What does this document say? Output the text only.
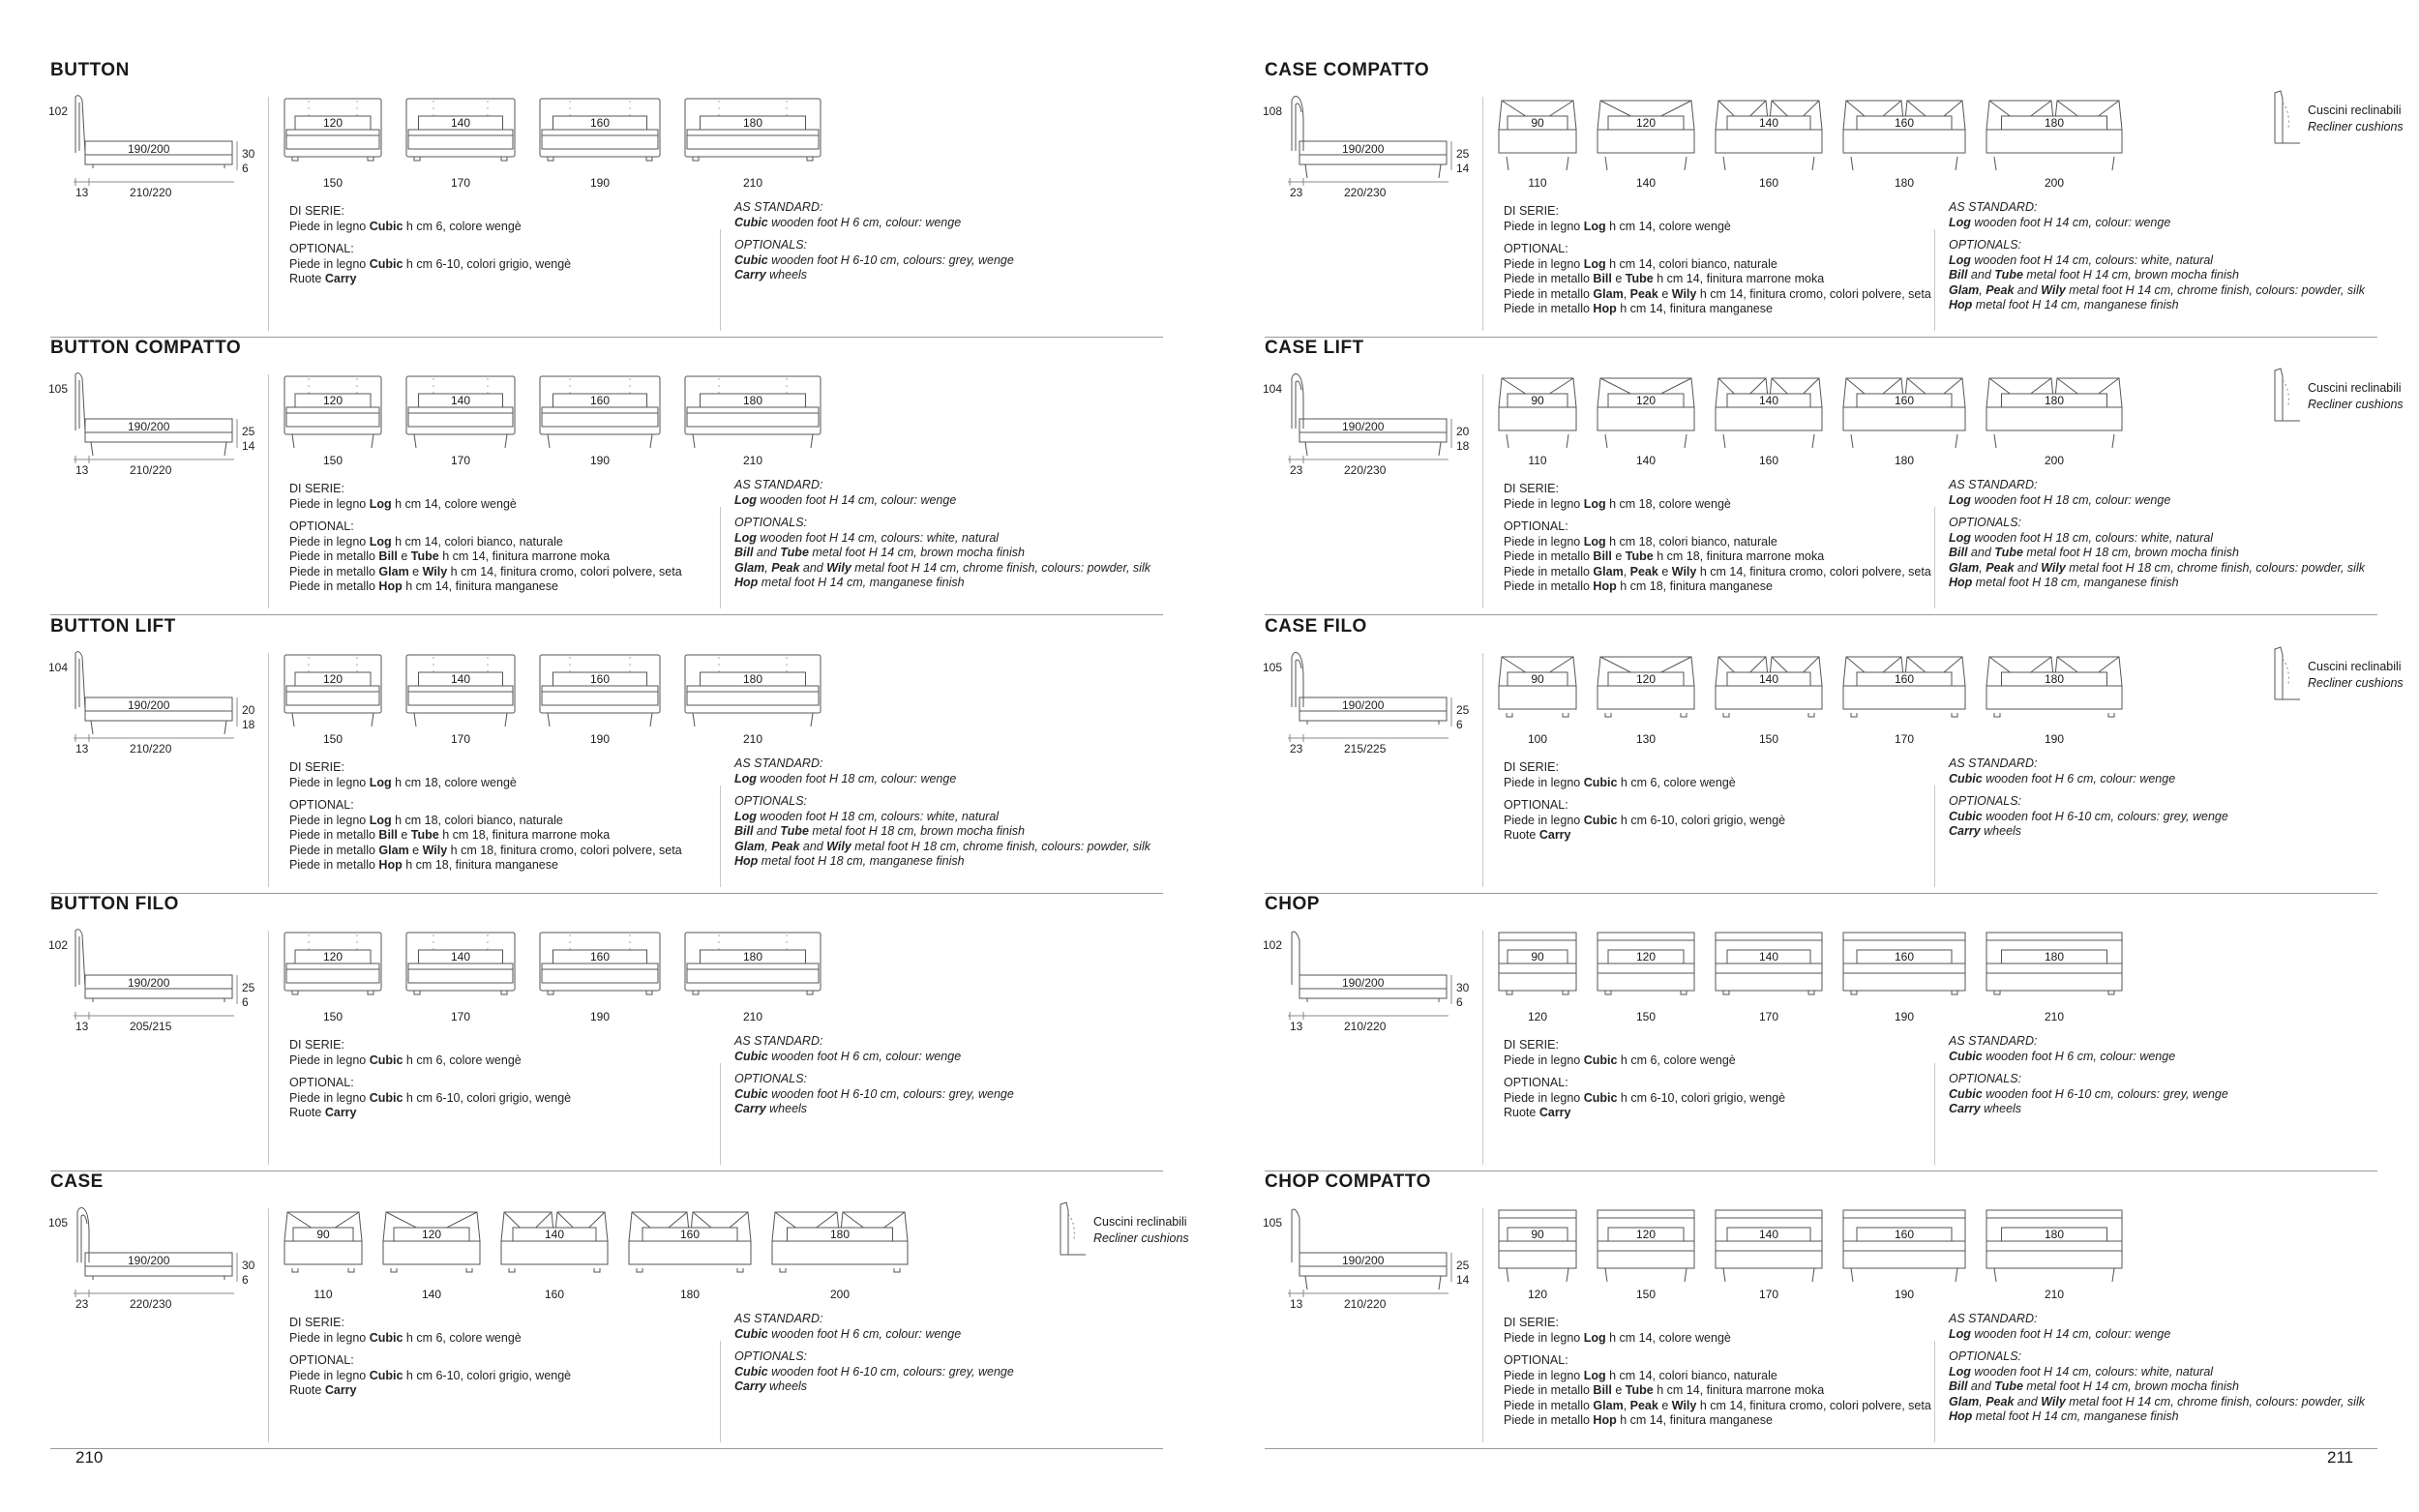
BUTTON
102
190/200	30
6
13	210/220
120
150
140
170
160
190
180
210
DI SERIE:
Piede in legno Cubic h cm 6, colore wengè
OPTIONAL:
Piede in legno Cubic h cm 6-10, colori grigio, wengè
Ruote Carry
AS STANDARD:
Cubic wooden foot H 6 cm, colour: wenge
OPTIONALS:
Cubic wooden foot H 6-10 cm, colours: grey, wenge
Carry wheels
BUTTON COMPATTO
105
190/200	25
14
13	210/220
120
150
140
170
160
190
180
210
DI SERIE:
Piede in legno Log h cm 14, colore wengè
OPTIONAL:
Piede in legno Log h cm 14, colori bianco, naturale
Piede in metallo Bill e Tube h cm 14, finitura marrone moka
Piede in metallo Glam e Wily h cm 14, finitura cromo, colori polvere, seta
Piede in metallo Hop h cm 14, finitura manganese
AS STANDARD:
Log wooden foot H 14 cm, colour: wenge
OPTIONALS:
Log wooden foot H 14 cm, colours: white, natural
Bill and Tube metal foot H 14 cm, brown mocha finish
Glam, Peak and Wily metal foot H 14 cm, chrome finish, colours: powder, silk
Hop metal foot H 14 cm, manganese finish
BUTTON LIFT
104
190/200	20
18
13	210/220
120
150
140
170
160
190
180
210
DI SERIE:
Piede in legno Log h cm 18, colore wengè
OPTIONAL:
Piede in legno Log h cm 18, colori bianco, naturale
Piede in metallo Bill e Tube h cm 18, finitura marrone moka
Piede in metallo Glam e Wily h cm 18, finitura cromo, colori polvere, seta
Piede in metallo Hop h cm 18, finitura manganese
AS STANDARD:
Log wooden foot H 18 cm, colour: wenge
OPTIONALS:
Log wooden foot H 18 cm, colours: white, natural
Bill and Tube metal foot H 18 cm, brown mocha finish
Glam, Peak and Wily metal foot H 18 cm, chrome finish, colours: powder, silk
Hop metal foot H 18 cm, manganese finish
BUTTON FILO
102
190/200	25
6
13	205/215
120
150
140
170
160
190
180
210
DI SERIE:
Piede in legno Cubic h cm 6, colore wengè
OPTIONAL:
Piede in legno Cubic h cm 6-10, colori grigio, wengè
Ruote Carry
AS STANDARD:
Cubic wooden foot H 6 cm, colour: wenge
OPTIONALS:
Cubic wooden foot H 6-10 cm, colours: grey, wenge
Carry wheels
CASE
105
190/200	30
6
23	220/230
90
110
120
140
140
160
160
180
180
200
Cuscini reclinabili
Recliner cushions
DI SERIE:
Piede in legno Cubic h cm 6, colore wengè
OPTIONAL:
Piede in legno Cubic h cm 6-10, colori grigio, wengè
Ruote Carry
AS STANDARD:
Cubic wooden foot H 6 cm, colour: wenge
OPTIONALS:
Cubic wooden foot H 6-10 cm, colours: grey, wenge
Carry wheels
CASE COMPATTO
108
190/200	25
14
23	220/230
90
110
120
140
140
160
160
180
180
200
Cuscini reclinabili
Recliner cushions
DI SERIE:
Piede in legno Log h cm 14, colore wengè
OPTIONAL:
Piede in legno Log h cm 14, colori bianco, naturale
Piede in metallo Bill e Tube h cm 14, finitura marrone moka
Piede in metallo Glam, Peak e Wily h cm 14, finitura cromo, colori polvere, seta
Piede in metallo Hop h cm 14, finitura manganese
AS STANDARD:
Log wooden foot H 14 cm, colour: wenge
OPTIONALS:
Log wooden foot H 14 cm, colours: white, natural
Bill and Tube metal foot H 14 cm, brown mocha finish
Glam, Peak and Wily metal foot H 14 cm, chrome finish, colours: powder, silk
Hop metal foot H 14 cm, manganese finish
CASE LIFT
104
190/200	20
18
23	220/230
90
110
120
140
140
160
160
180
180
200
Cuscini reclinabili
Recliner cushions
DI SERIE:
Piede in legno Log h cm 18, colore wengè
OPTIONAL:
Piede in legno Log h cm 18, colori bianco, naturale
Piede in metallo Bill e Tube h cm 18, finitura marrone moka
Piede in metallo Glam, Peak e Wily h cm 14, finitura cromo, colori polvere, seta
Piede in metallo Hop h cm 18, finitura manganese
AS STANDARD:
Log wooden foot H 18 cm, colour: wenge
OPTIONALS:
Log wooden foot H 18 cm, colours: white, natural
Bill and Tube metal foot H 18 cm, brown mocha finish
Glam, Peak and Wily metal foot H 18 cm, chrome finish, colours: powder, silk
Hop metal foot H 18 cm, manganese finish
CASE FILO
105
190/200	25
6
23	215/225
90
100
120
130
140
150
160
170
180
190
Cuscini reclinabili
Recliner cushions
DI SERIE:
Piede in legno Cubic h cm 6, colore wengè
OPTIONAL:
Piede in legno Cubic h cm 6-10, colori grigio, wengè
Ruote Carry
AS STANDARD:
Cubic wooden foot H 6 cm, colour: wenge
OPTIONALS:
Cubic wooden foot H 6-10 cm, colours: grey, wenge
Carry wheels
CHOP
102
190/200	30
6
13	210/220
90
120
120
150
140
170
160
190
180
210
DI SERIE:
Piede in legno Cubic h cm 6, colore wengè
OPTIONAL:
Piede in legno Cubic h cm 6-10, colori grigio, wengè
Ruote Carry
AS STANDARD:
Cubic wooden foot H 6 cm, colour: wenge
OPTIONALS:
Cubic wooden foot H 6-10 cm, colours: grey, wenge
Carry wheels
CHOP COMPATTO
105
190/200	25
14
13	210/220
90
120
120
150
140
170
160
190
180
210
DI SERIE:
Piede in legno Log h cm 14, colore wengè
OPTIONAL:
Piede in legno Log h cm 14, colori bianco, naturale
Piede in metallo Bill e Tube h cm 14, finitura marrone moka
Piede in metallo Glam, Peak e Wily h cm 14, finitura cromo, colori polvere, seta
Piede in metallo Hop h cm 14, finitura manganese
AS STANDARD:
Log wooden foot H 14 cm, colour: wenge
OPTIONALS:
Log wooden foot H 14 cm, colours: white, natural
Bill and Tube metal foot H 14 cm, brown mocha finish
Glam, Peak and Wily metal foot H 14 cm, chrome finish, colours: powder, silk
Hop metal foot H 14 cm, manganese finish
210	211
